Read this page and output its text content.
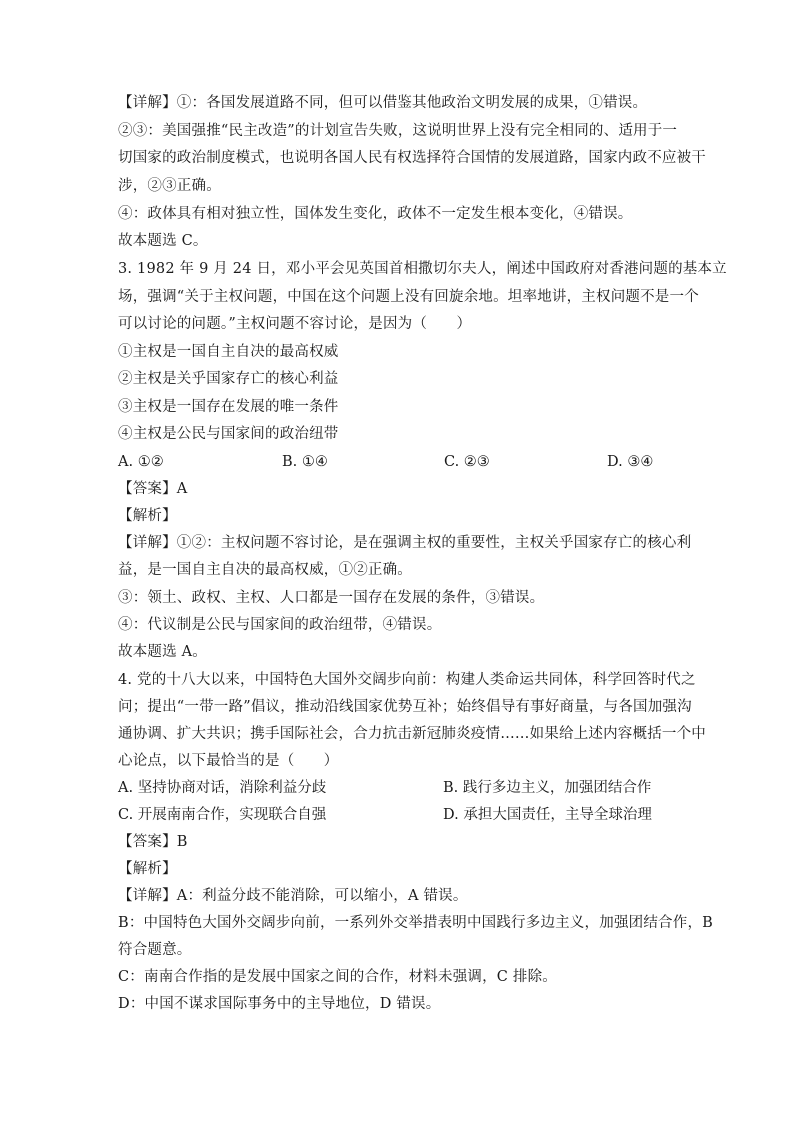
【详解】①：各国发展道路不同，但可以借鉴其他政治文明发展的成果，①错误。
②③：美国强推“民主改造”的计划宣告失败，这说明世界上没有完全相同的、适用于一
切国家的政治制度模式，也说明各国人民有权选择符合国情的发展道路，国家内政不应被干
涉，②③正确。
④：政体具有相对独立性，国体发生变化，政体不一定发生根本变化，④错误。
故本题选 C。
3. 1982 年 9 月 24 日，邓小平会见英国首相撒切尔夫人，阐述中国政府对香港问题的基本立
场，强调“关于主权问题，中国在这个问题上没有回旋余地。坦率地讲，主权问题不是一个
可以讨论的问题。”主权问题不容讨论，是因为（　　）
①主权是一国自主自决的最高权威
②主权是关乎国家存亡的核心利益
③主权是一国存在发展的唯一条件
④主权是公民与国家间的政治纽带
A. ①②	B. ①④	C. ②③	D. ③④
【答案】A
【解析】
【详解】①②：主权问题不容讨论，是在强调主权的重要性，主权关乎国家存亡的核心利
益，是一国自主自决的最高权威，①②正确。
③：领土、政权、主权、人口都是一国存在发展的条件，③错误。
④：代议制是公民与国家间的政治纽带，④错误。
故本题选 A。
4. 党的十八大以来，中国特色大国外交阔步向前：构建人类命运共同体，科学回答时代之
问；提出“一带一路”倡议，推动沿线国家优势互补；始终倡导有事好商量，与各国加强沟
通协调、扩大共识；携手国际社会，合力抗击新冠肺炎疫情……如果给上述内容概括一个中
心论点，以下最恰当的是（　　）
A. 坚持协商对话，消除利益分歧	B. 践行多边主义，加强团结合作
C. 开展南南合作，实现联合自强	D. 承担大国责任，主导全球治理
【答案】B
【解析】
【详解】A：利益分歧不能消除，可以缩小，A 错误。
B：中国特色大国外交阔步向前，一系列外交举措表明中国践行多边主义，加强团结合作，B
符合题意。
C：南南合作指的是发展中国家之间的合作，材料未强调，C 排除。
D：中国不谋求国际事务中的主导地位，D 错误。
